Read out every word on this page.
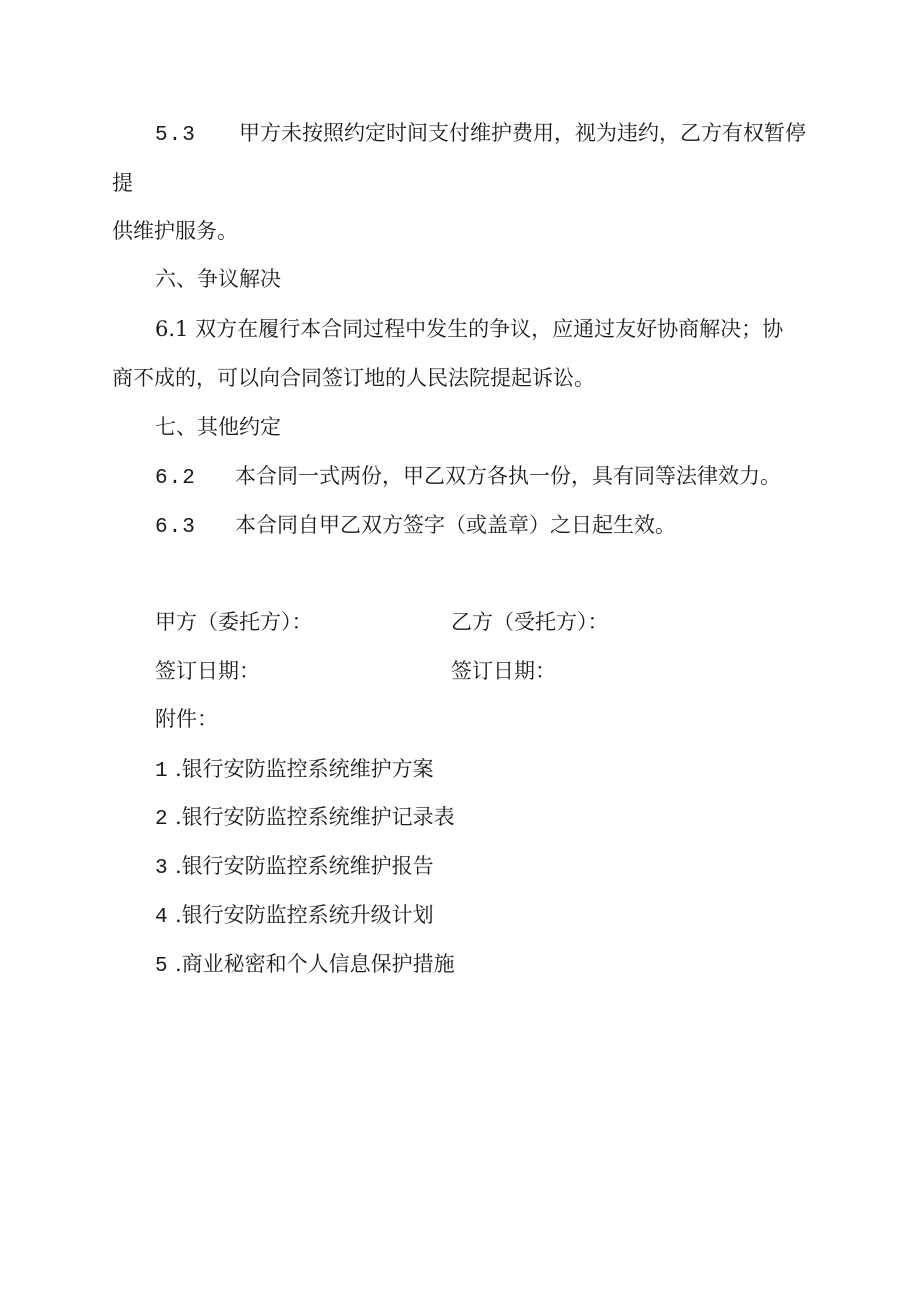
5.3 甲方未按照约定时间支付维护费用，视为违约，乙方有权暂停
提
供维护服务。
六、争议解决
6.1 双方在履行本合同过程中发生的争议，应通过友好协商解决；协
商不成的，可以向合同签订地的人民法院提起诉讼。
七、其他约定
6.2 本合同一式两份，甲乙双方各执一份，具有同等法律效力。
6.3 本合同自甲乙双方签字（或盖章）之日起生效。
甲方（委托方）：	乙方（受托方）：
签订日期：	签订日期：
附件：
1 .银行安防监控系统维护方案
2 .银行安防监控系统维护记录表
3 .银行安防监控系统维护报告
4 .银行安防监控系统升级计划
5 .商业秘密和个人信息保护措施
